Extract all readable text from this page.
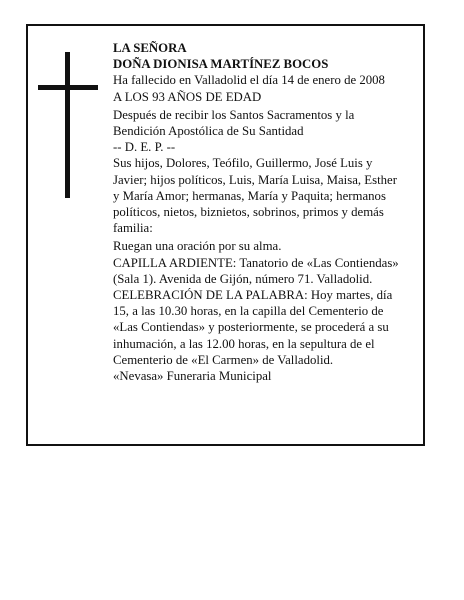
LA SEÑORA
DOÑA DIONISA MARTÍNEZ BOCOS
Ha fallecido en Valladolid el día 14 de enero de 2008
A LOS 93 AÑOS DE EDAD
Después de recibir los Santos Sacramentos y la
Bendición Apostólica de Su Santidad
-- D. E. P. --
Sus hijos, Dolores, Teófilo, Guillermo, José Luis y
Javier; hijos políticos, Luis, María Luisa, Maisa, Esther
y María Amor; hermanas, María y Paquita; hermanos
políticos, nietos, biznietos, sobrinos, primos y demás
familia:
Ruegan una oración por su alma.
CAPILLA ARDIENTE: Tanatorio de «Las Contiendas»
(Sala 1). Avenida de Gijón, número 71. Valladolid.
CELEBRACIÓN DE LA PALABRA: Hoy martes, día
15, a las 10.30 horas, en la capilla del Cementerio de
«Las Contiendas» y posteriormente, se procederá a su
inhumación, a las 12.00 horas, en la sepultura de el
Cementerio de «El Carmen» de Valladolid.
«Nevasa» Funeraria Municipal
